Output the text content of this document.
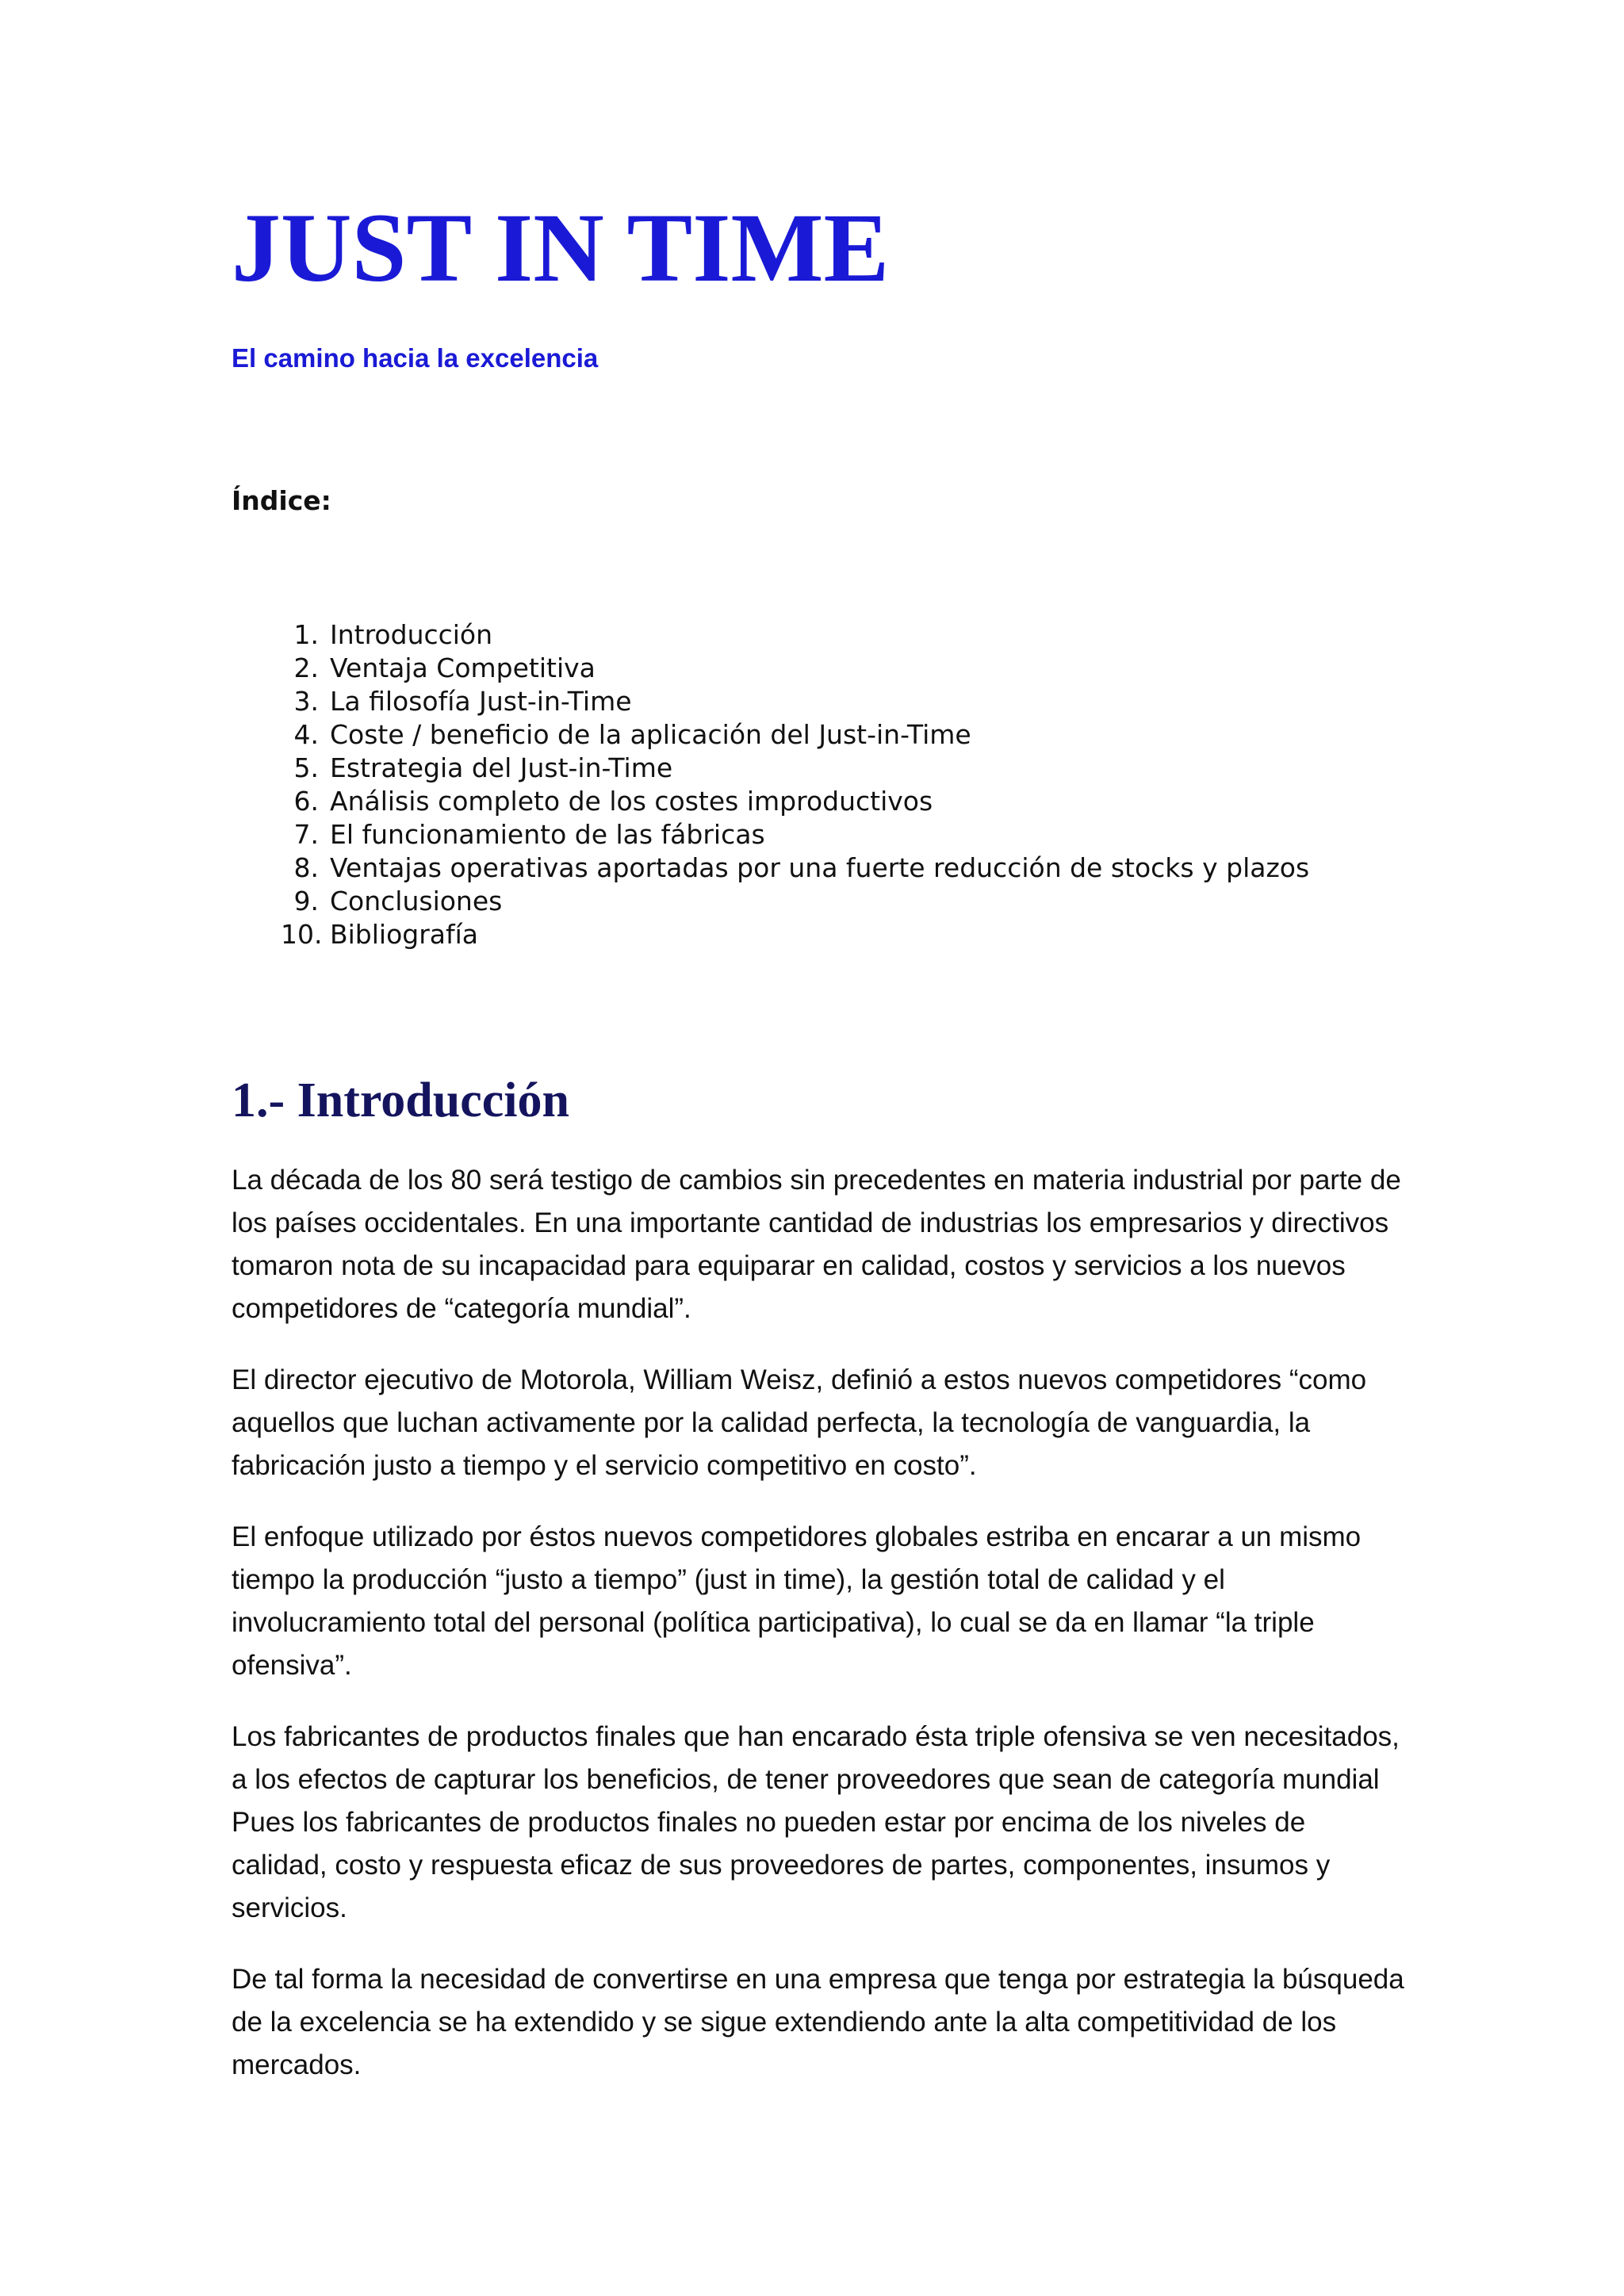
JUST IN TIME
El camino hacia la excelencia
Índice:
1. Introducción
2. Ventaja Competitiva
3. La filosofía Just-in-Time
4. Coste / beneficio de la aplicación del Just-in-Time
5. Estrategia del Just-in-Time
6. Análisis completo de los costes improductivos
7. El funcionamiento de las fábricas
8. Ventajas operativas aportadas por una fuerte reducción de stocks y plazos
9. Conclusiones
10. Bibliografía
1.- Introducción

La década de los 80 será testigo de cambios sin precedentes en materia industrial por parte de los países occidentales. En una importante cantidad de industrias los empresarios y directivos tomaron nota de su incapacidad para equiparar en calidad, costos y servicios a los nuevos competidores de “categoría mundial”.

El director ejecutivo de Motorola, William Weisz, definió a estos nuevos competidores “como aquellos que luchan activamente por la calidad perfecta, la tecnología de vanguardia, la fabricación justo a tiempo y el servicio competitivo en costo”.

El enfoque utilizado por éstos nuevos competidores globales estriba en encarar a un mismo tiempo la producción “justo a tiempo” (just in time), la gestión total de calidad y el involucramiento total del personal (política participativa), lo cual se da en llamar “la triple ofensiva”.

Los fabricantes de productos finales que han encarado ésta triple ofensiva se ven necesitados, a los efectos de capturar los beneficios, de tener proveedores que sean de categoría mundial Pues los fabricantes de productos finales no pueden estar por encima de los niveles de calidad, costo y respuesta eficaz de sus proveedores de partes, componentes, insumos y servicios.

De tal forma la necesidad de convertirse en una empresa que tenga por estrategia la búsqueda de la excelencia se ha extendido y se sigue extendiendo ante la alta competitividad de los mercados.
